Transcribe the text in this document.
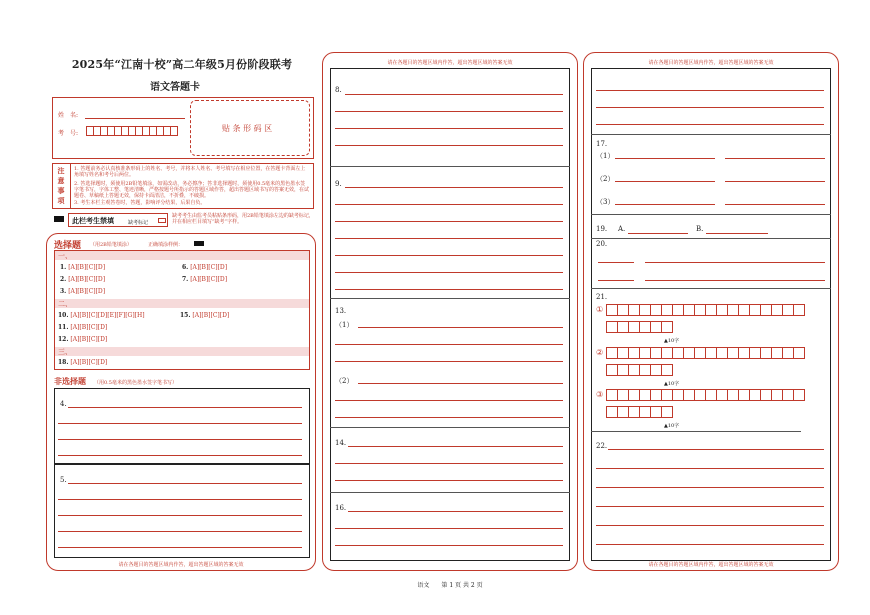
2025年“江南十校”高二年级5月份阶段联考
语文答题卡
姓　名:
考　号:
贴 条 形 码 区
注意事项
1. 答题前务必认真核准条形码上的姓名、考号，并将本人姓名、考号填写在相应位置，在答题卡背面左上角填写姓名和考号后两位。
2. 答选择题时，须使用2B铅笔填涂，如需改动，务必擦净；答非选择题时，须使用0.5毫米的黑色墨水签字笔书写，字体工整、笔迹清晰，严格按题号所指示的答题区域作答，超出答题区域书写的答案无效，在试题卷、草稿纸上答题无效，保持卡面清洁，不折叠，不破损。
3. 考生本栏主观答卷时，答题，影响评分结果，后果自负。
此栏考生禁填	缺考标记
缺考考生由监考员粘贴条形码，用2B铅笔填涂左边的缺考标记，并在相应栏目填写“缺考”字样。
选择题 （用2B铅笔填涂）	正确填涂样例：
一、
二、
三、
1. [A][B][C][D]
2. [A][B][C][D]
3. [A][B][C][D]
6. [A][B][C][D]
7. [A][B][C][D]
10. [A][B][C][D][E][F][G][H]
11. [A][B][C][D]
12. [A][B][C][D]
15. [A][B][C][D]
18. [A][B][C][D]
非选择题 （用0.5毫米的黑色墨水签字笔书写）
4.
5.
请在各题目的答题区域内作答，超出答题区域的答案无效
请在各题目的答题区域内作答，超出答题区域的答案无效
8.
9.
13.
（1）
（2）
14.
16.
请在各题目的答题区域内作答，超出答题区域的答案无效
17.
（1）
（2）
（3）
19. A.	B.
20.
21.
①
▲10字
②
▲10字
③
▲10字
22.
请在各题目的答题区域内作答，超出答题区域的答案无效
语文　　第 1 页 共 2 页
